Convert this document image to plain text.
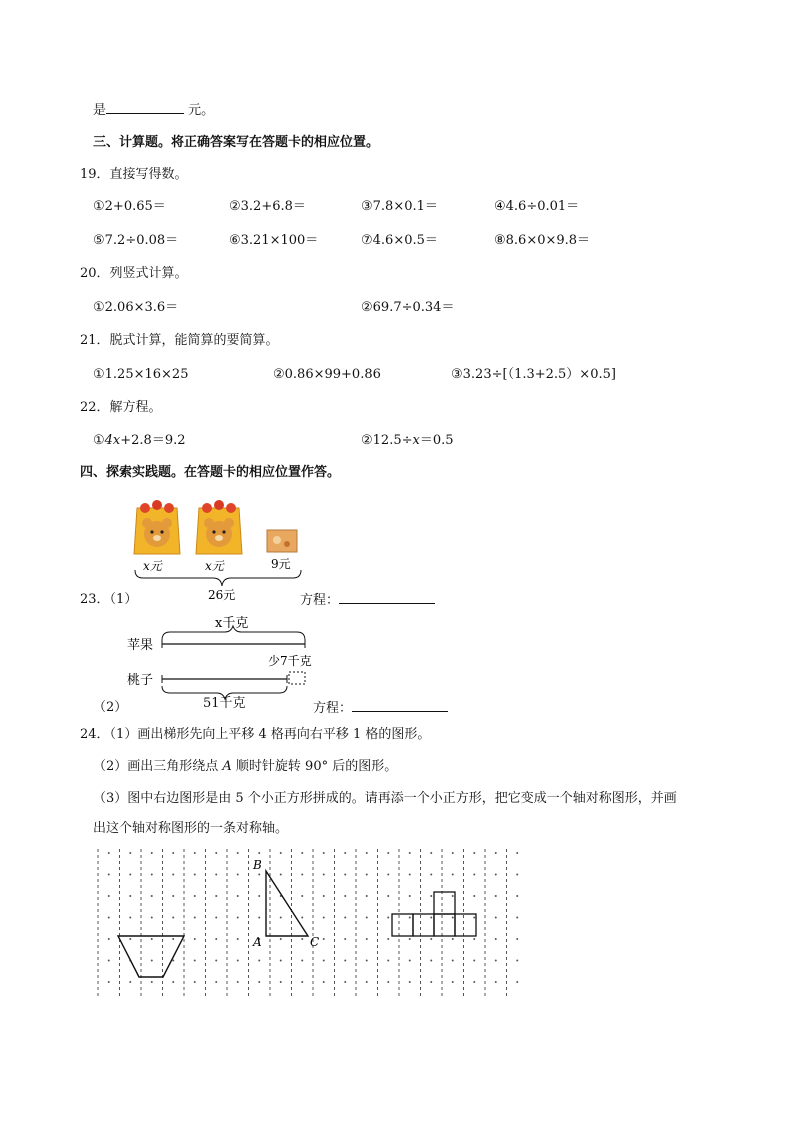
是	元。
三、计算题。将正确答案写在答题卡的相应位置。
19．直接写得数。
①2+0.65＝	②3.2+6.8＝	③7.8×0.1＝	④4.6÷0.01＝
⑤7.2÷0.08＝	⑥3.21×100＝	⑦4.6×0.5＝	⑧8.6×0×9.8＝
20．列竖式计算。
①2.06×3.6＝	②69.7÷0.34＝
21．脱式计算，能简算的要简算。
①1.25×16×25	②0.86×99+0.86	③3.23÷[（1.3+2.5）×0.5]
22．解方程。
①4x+2.8＝9.2	②12.5÷x＝0.5
四、探索实践题。在答题卡的相应位置作答。
x元	x元	9元
26元
23．（1）	方程：
x千克
苹果
少7千克
桃子
51千克
（2）	方程：
24．（1）画出梯形先向上平移 4 格再向右平移 1 格的图形。
（2）画出三角形绕点 A 顺时针旋转 90° 后的图形。
（3）图中右边图形是由 5 个小正方形拼成的。请再添一个小正方形，把它变成一个轴对称图形，并画
出这个轴对称图形的一条对称轴。
B
A	C
